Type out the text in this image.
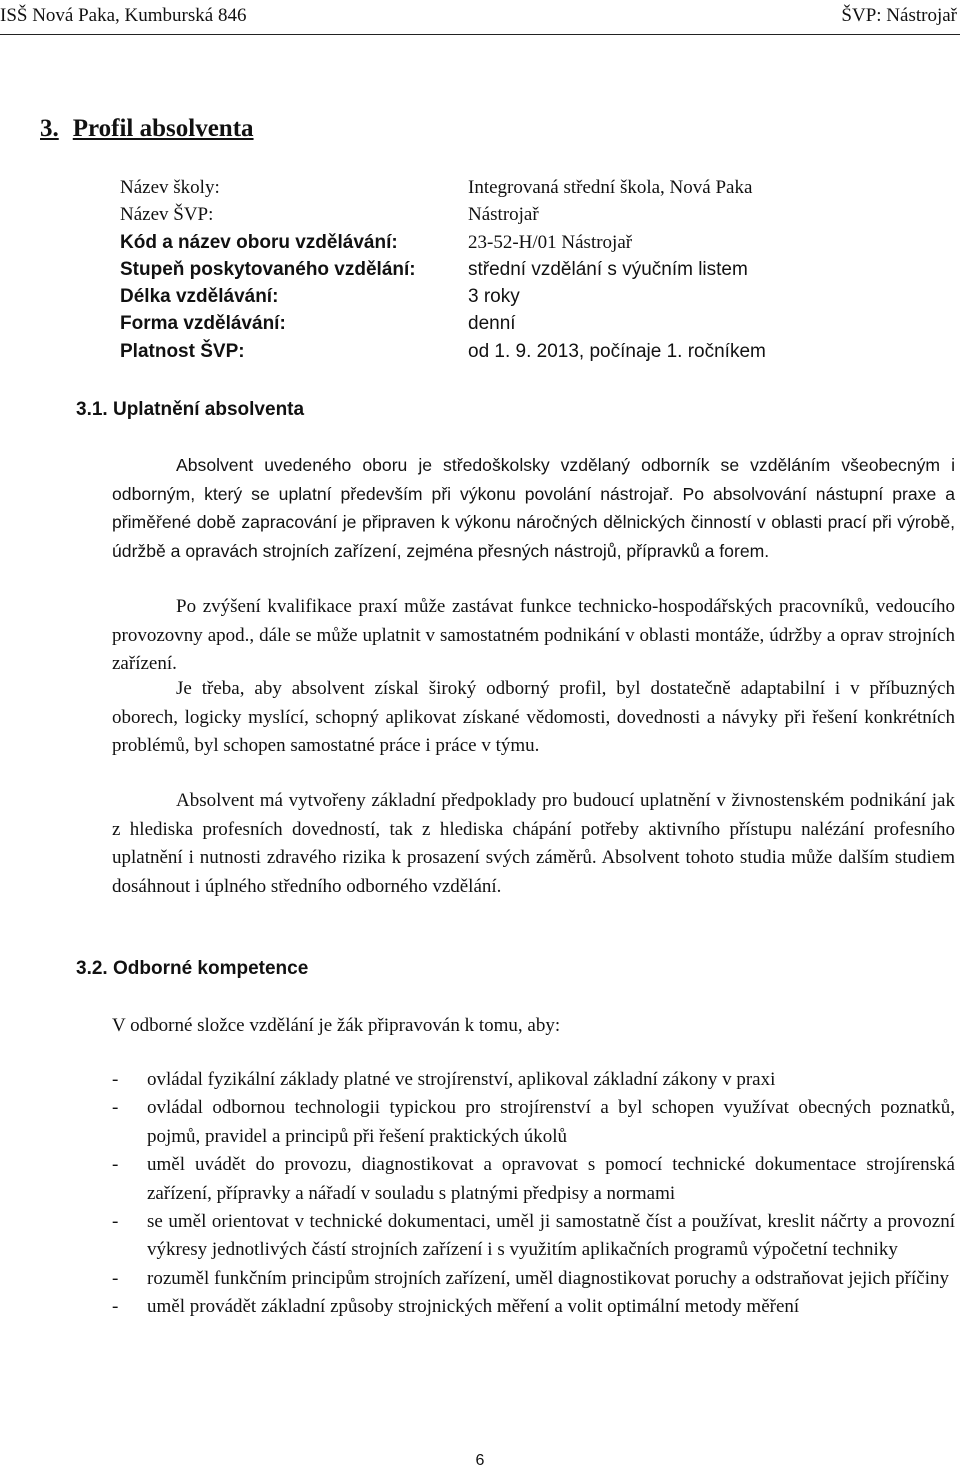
ISŠ Nová Paka, Kumburská 846	ŠVP: Nástrojař
3. Profil absolventa
Název školy:	Integrovaná střední škola, Nová Paka
Název ŠVP:	Nástrojař
Kód a název oboru vzdělávání:	23-52-H/01 Nástrojař
Stupeň poskytovaného vzdělání:	střední vzdělání s výučním listem
Délka vzdělávání:	3 roky
Forma vzdělávání:	denní
Platnost ŠVP:	od 1. 9. 2013, počínaje 1. ročníkem
3.1. Uplatnění absolventa

Absolvent uvedeného oboru je středoškolsky vzdělaný odborník se vzděláním všeobecným i odborným, který se uplatní především při výkonu povolání nástrojař. Po absolvování nástupní praxe a přiměřené době zapracování je připraven k výkonu náročných dělnických činností v oblasti prací při výrobě, údržbě a opravách strojních zařízení, zejména přesných nástrojů, přípravků a forem.

Po zvýšení kvalifikace praxí může zastávat funkce technicko-hospodářských pracovníků, vedoucího provozovny apod., dále se může uplatnit v samostatném podnikání v oblasti montáže, údržby a oprav strojních zařízení.

Je třeba, aby absolvent získal široký odborný profil, byl dostatečně adaptabilní i v příbuzných oborech, logicky myslící, schopný aplikovat získané vědomosti, dovednosti a návyky při řešení konkrétních problémů, byl schopen samostatné práce i práce v týmu.

Absolvent má vytvořeny základní předpoklady pro budoucí uplatnění v živnostenském podnikání jak z hlediska profesních dovedností, tak z hlediska chápání potřeby aktivního přístupu nalézání profesního uplatnění i nutnosti zdravého rizika k prosazení svých záměrů. Absolvent tohoto studia může dalším studiem dosáhnout i úplného středního odborného vzdělání.

3.2. Odborné kompetence

V odborné složce vzdělání je žák připravován k tomu, aby:

- ovládal fyzikální základy platné ve strojírenství, aplikoval základní zákony v praxi
- ovládal odbornou technologii typickou pro strojírenství a byl schopen využívat obecných poznatků, pojmů, pravidel a principů při řešení praktických úkolů
- uměl uvádět do provozu, diagnostikovat a opravovat s pomocí technické dokumentace strojírenská zařízení, přípravky a nářadí v souladu s platnými předpisy a normami
- se uměl orientovat v technické dokumentaci, uměl ji samostatně číst a používat, kreslit náčrty a provozní výkresy jednotlivých částí strojních zařízení i s využitím aplikačních programů výpočetní techniky
- rozuměl funkčním principům strojních zařízení, uměl diagnostikovat poruchy a odstraňovat jejich příčiny
- uměl provádět základní způsoby strojnických měření a volit optimální metody měření
6
